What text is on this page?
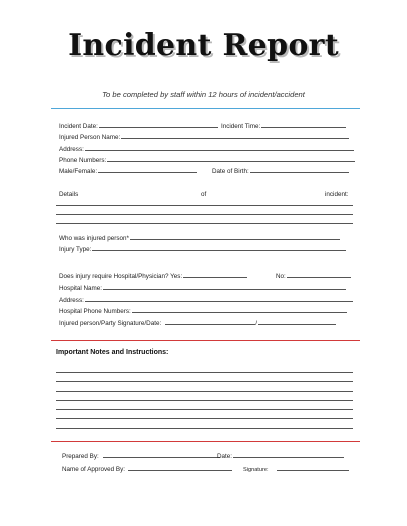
Incident Report
To be completed by staff within 12 hours of incident/accident
Incident Date:	Incident Time:
Injured Person Name:
Address:
Phone Numbers:
Male/Female:	Date of Birth:
Details	of	incident:
Who was injured person*
Injury Type:
Does injury require Hospital/Physician? Yes:	No:
Hospital Name:
Address:
Hospital Phone Numbers:
Injured person/Party Signature/Date:	/
Important Notes and Instructions:
Prepared By:	Date:
Name of Approved By:	Signature:
